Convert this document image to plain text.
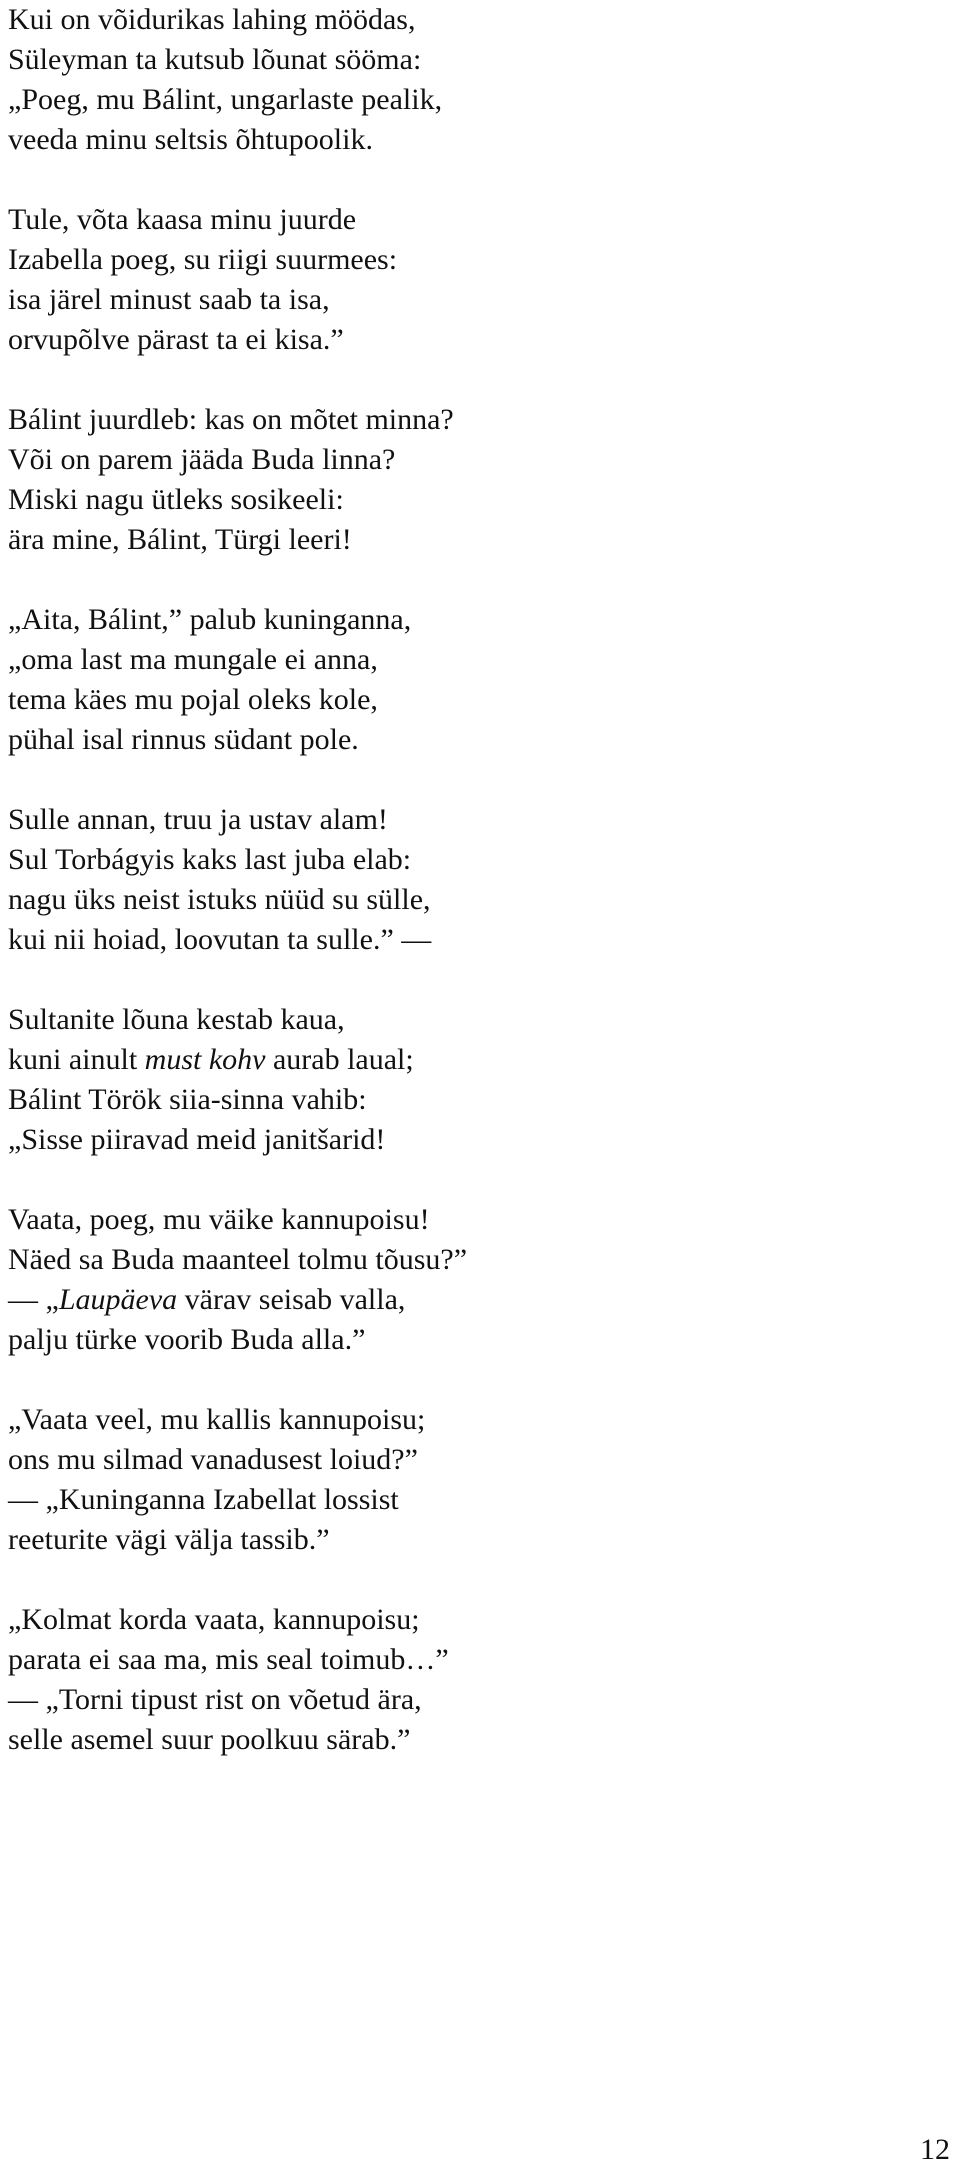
Kui on võidurikas lahing möödas,
Süleyman ta kutsub lõunat sööma:
„Poeg, mu Bálint, ungarlaste pealik,
veeda minu seltsis õhtupoolik.
Tule, võta kaasa minu juurde
Izabella poeg, su riigi suurmees:
isa järel minust saab ta isa,
orvupõlve pärast ta ei kisa.”
Bálint juurdleb: kas on mõtet minna?
Või on parem jääda Buda linna?
Miski nagu ütleks sosikeeli:
ära mine, Bálint, Türgi leeri!
„Aita, Bálint,” palub kuninganna,
„oma last ma mungale ei anna,
tema käes mu pojal oleks kole,
pühal isal rinnus südant pole.
Sulle annan, truu ja ustav alam!
Sul Torbágyis kaks last juba elab:
nagu üks neist istuks nüüd su sülle,
kui nii hoiad, loovutan ta sulle.” —
Sultanite lõuna kestab kaua,
kuni ainult must kohv aurab laual;
Bálint Török siia-sinna vahib:
„Sisse piiravad meid janitšarid!
Vaata, poeg, mu väike kannupoisu!
Näed sa Buda maanteel tolmu tõusu?”
— „Laupäeva värav seisab valla,
palju türke voorib Buda alla.”
„Vaata veel, mu kallis kannupoisu;
ons mu silmad vanadusest loiud?”
— „Kuninganna Izabellat lossist
reeturite vägi välja tassib.”
„Kolmat korda vaata, kannupoisu;
parata ei saa ma, mis seal toimub…”
— „Torni tipust rist on võetud ära,
selle asemel suur poolkuu särab.”
12
